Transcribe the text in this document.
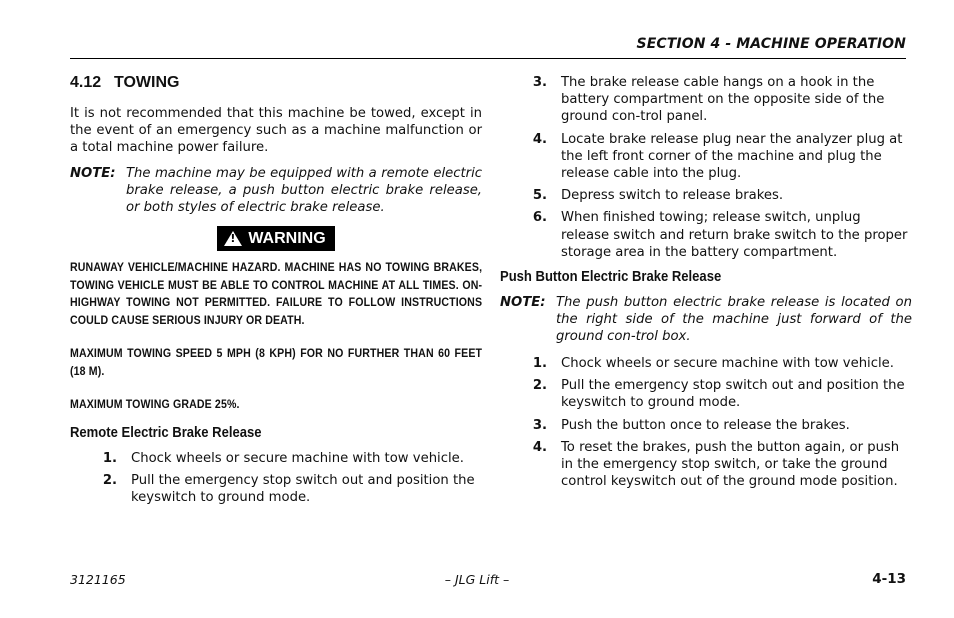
SECTION 4 - MACHINE OPERATION
4.12 TOWING

It is not recommended that this machine be towed, except in the event of an emergency such as a machine malfunction or a total machine power failure.

NOTE: The machine may be equipped with a remote electric brake release, a push button electric brake release, or both styles of electric brake release.
!
WARNING

RUNAWAY VEHICLE/MACHINE HAZARD. MACHINE HAS NO TOWING BRAKES, TOWING VEHICLE MUST BE ABLE TO CONTROL MACHINE AT ALL TIMES. ON-HIGHWAY TOWING NOT PERMITTED. FAILURE TO FOLLOW INSTRUCTIONS COULD CAUSE SERIOUS INJURY OR DEATH.

MAXIMUM TOWING SPEED 5 MPH (8 KPH) FOR NO FURTHER THAN 60 FEET (18 M).

MAXIMUM TOWING GRADE 25%.

Remote Electric Brake Release
1.	Chock wheels or secure machine with tow vehicle.
2.	Pull the emergency stop switch out and position the keyswitch to ground mode.
3.	The brake release cable hangs on a hook in the battery compartment on the opposite side of the ground con-trol panel.
4.	Locate brake release plug near the analyzer plug at the left front corner of the machine and plug the release cable into the plug.
5.	Depress switch to release brakes.
6.	When finished towing; release switch, unplug release switch and return brake switch to the proper storage area in the battery compartment.
Push Button Electric Brake Release
NOTE: The push button electric brake release is located on the right side of the machine just forward of the ground con-trol box.
1.	Chock wheels or secure machine with tow vehicle.
2.	Pull the emergency stop switch out and position the keyswitch to ground mode.
3.	Push the button once to release the brakes.
4.	To reset the brakes, push the button again, or push in the emergency stop switch, or take the ground control keyswitch out of the ground mode position.
3121165	– JLG Lift –	4-13
